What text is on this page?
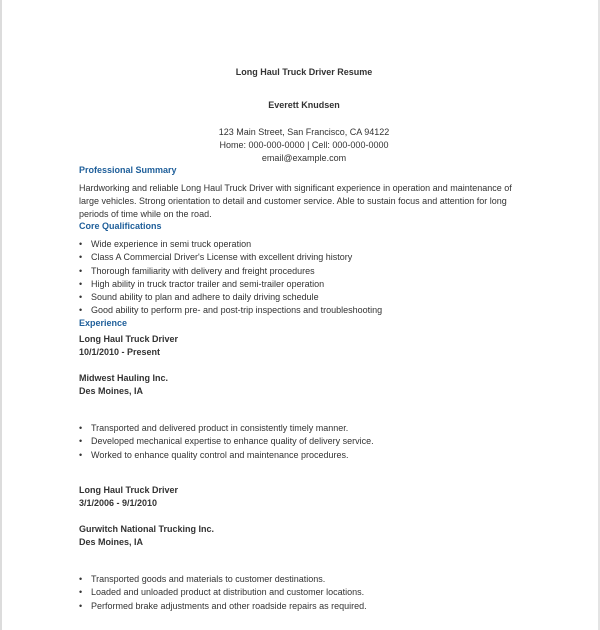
Long Haul Truck Driver Resume
Everett Knudsen
123 Main Street, San Francisco, CA 94122
Home: 000-000-0000 | Cell: 000-000-0000
email@example.com
Professional Summary
Hardworking and reliable Long Haul Truck Driver with significant experience in operation and maintenance of
large vehicles. Strong orientation to detail and customer service. Able to sustain focus and attention for long
periods of time while on the road.
Core Qualifications
• Wide experience in semi truck operation
• Class A Commercial Driver's License with excellent driving history
• Thorough familiarity with delivery and freight procedures
• High ability in truck tractor trailer and semi-trailer operation
• Sound ability to plan and adhere to daily driving schedule
• Good ability to perform pre- and post-trip inspections and troubleshooting
Experience
Long Haul Truck Driver
10/1/2010 - Present
Midwest Hauling Inc.
Des Moines, IA
• Transported and delivered product in consistently timely manner.
• Developed mechanical expertise to enhance quality of delivery service.
• Worked to enhance quality control and maintenance procedures.
Long Haul Truck Driver
3/1/2006 - 9/1/2010
Gurwitch National Trucking Inc.
Des Moines, IA
• Transported goods and materials to customer destinations.
• Loaded and unloaded product at distribution and customer locations.
• Performed brake adjustments and other roadside repairs as required.
